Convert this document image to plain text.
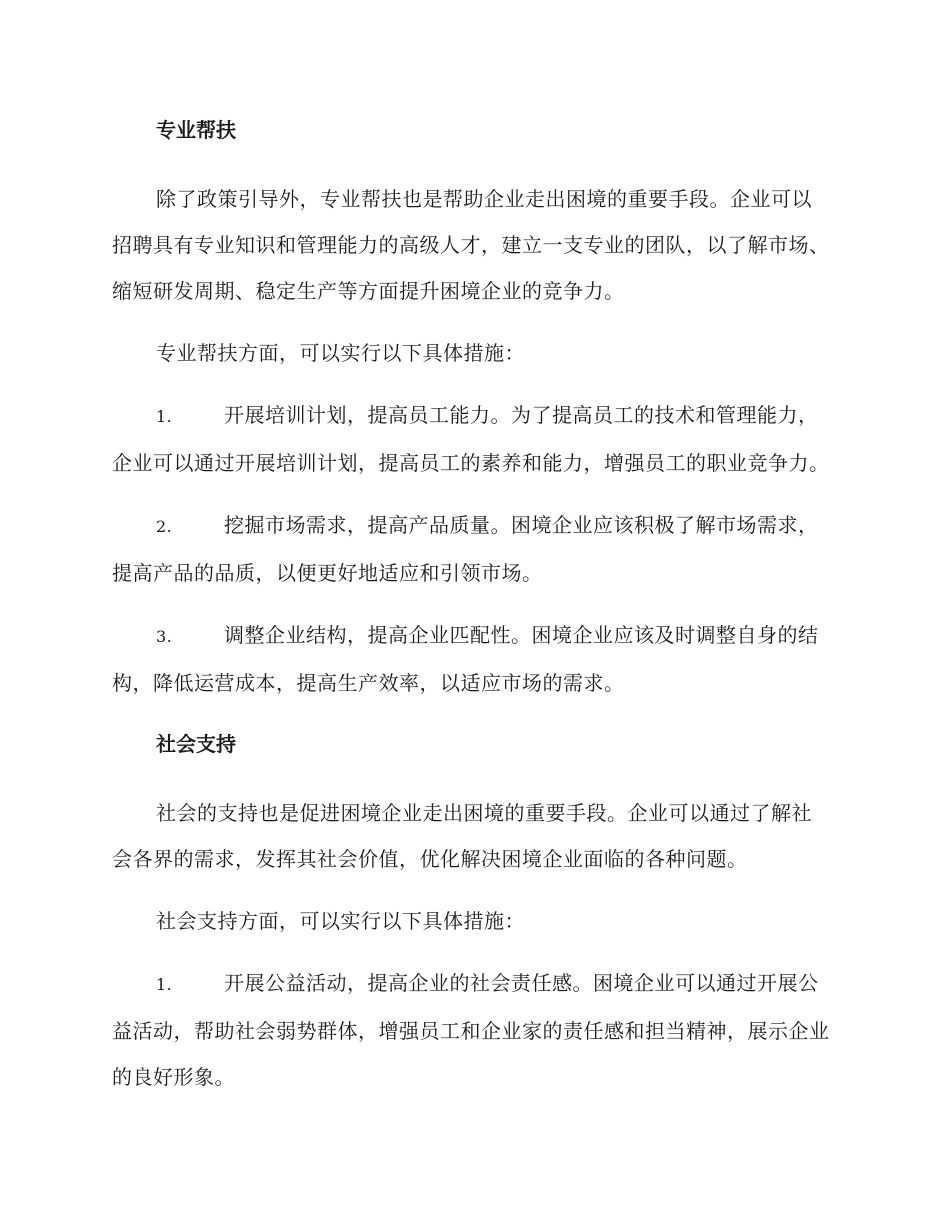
专业帮扶

除了政策引导外，专业帮扶也是帮助企业走出困境的重要手段。企业可以招聘具有专业知识和管理能力的高级人才，建立一支专业的团队，以了解市场、缩短研发周期、稳定生产等方面提升困境企业的竞争力。

专业帮扶方面，可以实行以下具体措施：

1.	开展培训计划，提高员工能力。为了提高员工的技术和管理能力，企业可以通过开展培训计划，提高员工的素养和能力，增强员工的职业竞争力。

2.	挖掘市场需求，提高产品质量。困境企业应该积极了解市场需求，提高产品的品质，以便更好地适应和引领市场。

3.	调整企业结构，提高企业匹配性。困境企业应该及时调整自身的结构，降低运营成本，提高生产效率，以适应市场的需求。

社会支持

社会的支持也是促进困境企业走出困境的重要手段。企业可以通过了解社会各界的需求，发挥其社会价值，优化解决困境企业面临的各种问题。

社会支持方面，可以实行以下具体措施：

1.	开展公益活动，提高企业的社会责任感。困境企业可以通过开展公益活动，帮助社会弱势群体，增强员工和企业家的责任感和担当精神，展示企业的良好形象。
